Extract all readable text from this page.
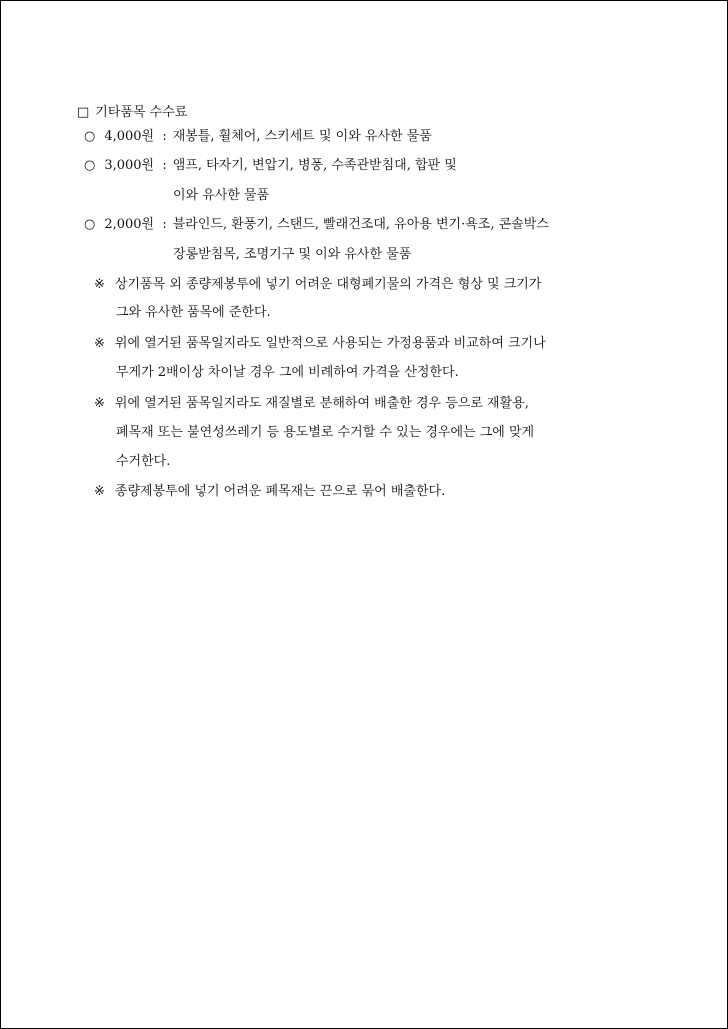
□ 기타품목 수수료
○ 4,000원 : 재봉틀, 휠체어, 스키세트 및 이와 유사한 물품
○ 3,000원 : 앰프, 타자기, 변압기, 병풍, 수족관받침대, 합판 및
이와 유사한 물품
○ 2,000원 : 블라인드, 환풍기, 스탠드, 빨래건조대, 유아용 변기·욕조, 콘솔박스
장롱받침목, 조명기구 및 이와 유사한 물품
※ 상기품목 외 종량제봉투에 넣기 어려운 대형폐기물의 가격은 형상 및 크기가
그와 유사한 품목에 준한다.
※ 위에 열거된 품목일지라도 일반적으로 사용되는 가정용품과 비교하여 크기나
무게가 2배이상 차이날 경우 그에 비례하여 가격을 산정한다.
※ 위에 열거된 품목일지라도 재질별로 분해하여 배출한 경우 등으로 재활용,
폐목재 또는 불연성쓰레기 등 용도별로 수거할 수 있는 경우에는 그에 맞게
수거한다.
※ 종량제봉투에 넣기 어려운 폐목재는 끈으로 묶어 배출한다.
